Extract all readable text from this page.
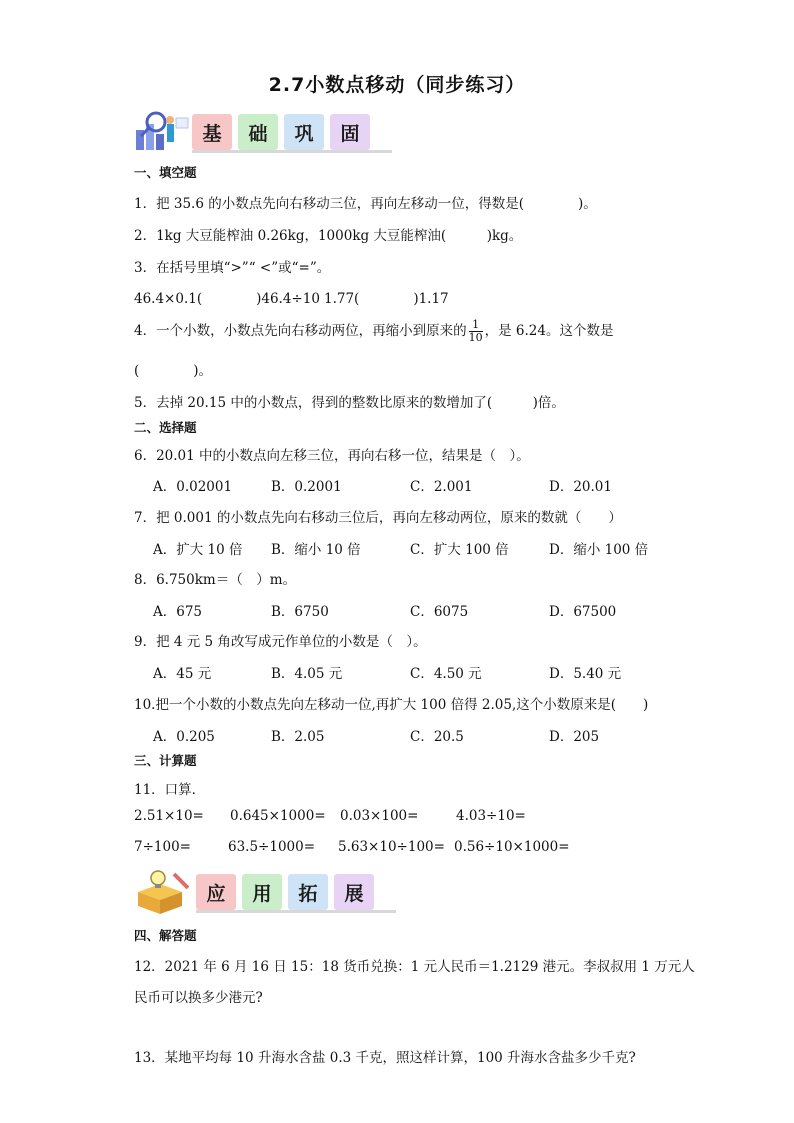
2.7小数点移动（同步练习）
基 础 巩 固
一、填空题
1．把 35.6 的小数点先向右移动三位，再向左移动一位，得数是(　　　　)。
2．1kg 大豆能榨油 0.26kg，1000kg 大豆能榨油(　　　)kg。
3．在括号里填“>”“ <”或“=”。
46.4×0.1(　　　　)46.4÷10 1.77(　　　　)1.17
4．一个小数，小数点先向右移动两位，再缩小到原来的 $\frac{1}{10}$ ，是 6.24。这个数是
(　　　　)。
5．去掉 20.15 中的小数点，得到的整数比原来的数增加了(　　　)倍。
二、选择题
6．20.01 中的小数点向左移三位，再向右移一位，结果是（　）。
A．0.02001	B．0.2001	C．2.001	D．20.01
7．把 0.001 的小数点先向右移动三位后，再向左移动两位，原来的数就（　　）
A．扩大 10 倍 B．缩小 10 倍	C．扩大 100 倍	D．缩小 100 倍
8．6.750km＝（　）m。
A．675	B．6750	C．6075	D．67500
9．把 4 元 5 角改写成元作单位的小数是（　）。
A．45 元	B．4.05 元	C．4.50 元	D．5.40 元
10.把一个小数的小数点先向左移动一位,再扩大 100 倍得 2.05,这个小数原来是(　　)
A．0.205	B．2.05	C．20.5	D．205
三、计算题
11．口算．
2.51×10= 0.645×1000= 0.03×100=	4.03÷10=
7÷100=	63.5÷1000= 5.63×10÷100= 0.56÷10×1000=
应 用 拓 展
四、解答题
12．2021 年 6 月 16 日 15：18 货币兑换：1 元人民币＝1.2129 港元。李叔叔用 1 万元人
民币可以换多少港元?
13．某地平均每 10 升海水含盐 0.3 千克，照这样计算，100 升海水含盐多少千克?
